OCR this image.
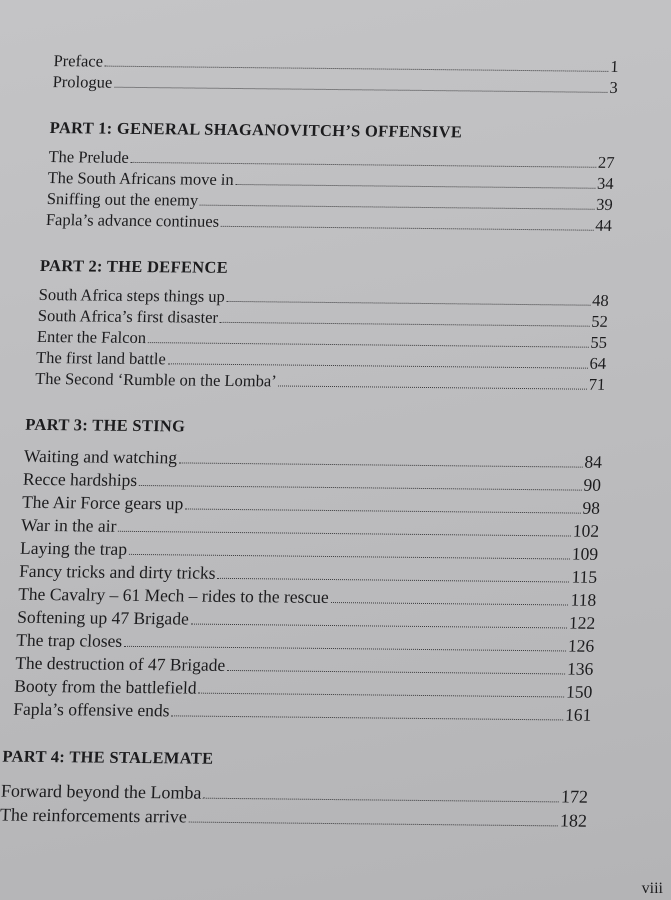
Preface	1
Prologue	3
PART 1: GENERAL SHAGANOVITCH’S OFFENSIVE
The Prelude	27
The South Africans move in	34
Sniffing out the enemy	39
Fapla’s advance continues	44
PART 2: THE DEFENCE
South Africa steps things up	48
South Africa’s first disaster	52
Enter the Falcon	55
The first land battle	64
The Second ‘Rumble on the Lomba’	71
PART 3: THE STING
Waiting and watching	84
Recce hardships	90
The Air Force gears up	98
War in the air	102
Laying the trap	109
Fancy tricks and dirty tricks	115
The Cavalry – 61 Mech – rides to the rescue	118
Softening up 47 Brigade	122
The trap closes	126
The destruction of 47 Brigade	136
Booty from the battlefield	150
Fapla’s offensive ends	161
PART 4: THE STALEMATE
Forward beyond the Lomba	172
The reinforcements arrive	182
viii
